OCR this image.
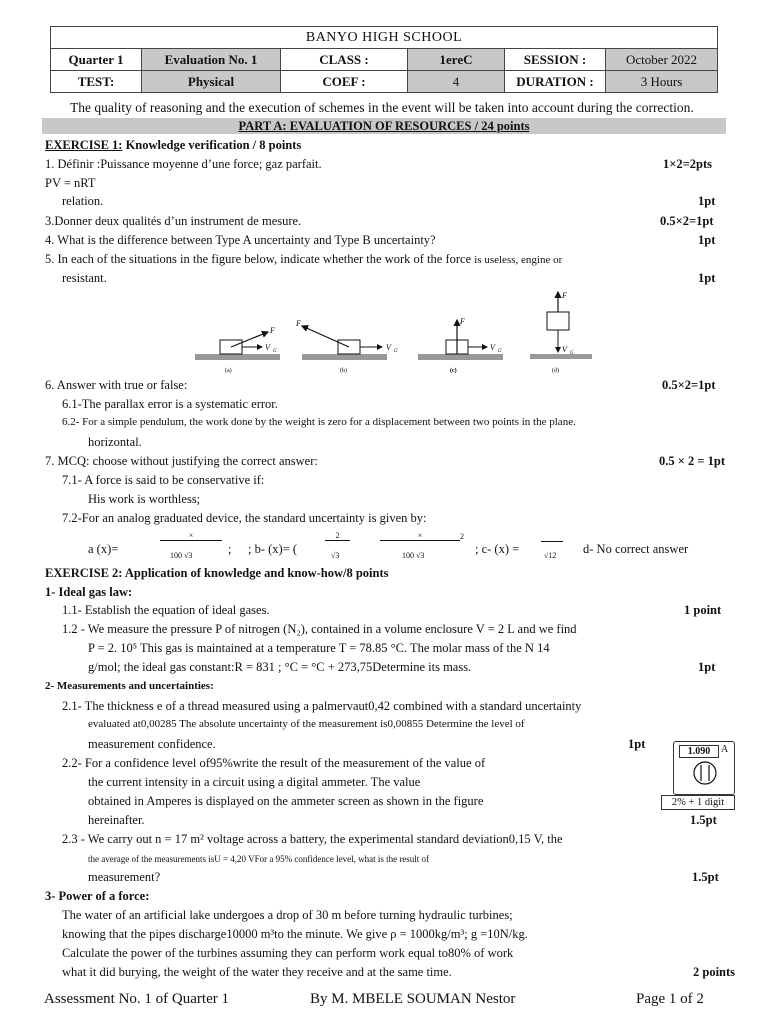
BANYO HIGH SCHOOL					
Quarter 1	Evaluation No. 1	CLASS :	1ereC	SESSION :	October 2022
TEST:	Physical	COEF :	4	DURATION :	3 Hours
The quality of reasoning and the execution of schemes in the event will be taken into account during the correction.
PART A: EVALUATION OF RESOURCES / 24 points
EXERCISE 1: Knowledge verification / 8 points
1. Définir :Puissance moyenne d’une force; gaz parfait.	1×2=2pts
PV = nRT
relation.	1pt
3.Donner deux qualités d’un instrument de mesure.	0.5×2=1pt
4. What is the difference between Type A uncertainty and Type B uncertainty?	1pt
5. In each of the situations in the figure below, indicate whether the work of the force is useless, engine or
resistant.	1pt
F
V G
(a)
F
V G
(b)
F
V G
(c)
F
V G
(d)
6. Answer with true or false:	0.5×2=1pt
6.1-The parallax error is a systematic error.
6.2- For a simple pendulum, the work done by the weight is zero for a displacement between two points in the plane.
horizontal.
7. MCQ: choose without justifying the correct answer:	0.5 × 2 = 1pt
7.1- A force is said to be conservative if:
His work is worthless;
7.2-For an analog graduated device, the standard uncertainty is given by:
a (x)=
×
100 √3	; ; b- (x)= (
2
√3
×
100 √3
2
; c- (x) =	√12 d- No correct answer
EXERCISE 2: Application of knowledge and know-how/8 points
1- Ideal gas law:
1.1- Establish the equation of ideal gases.	1 point
1.2 - We measure the pressure P of nitrogen (N₂), contained in a volume enclosure V = 2 L and we find
P = 2. 10⁵ This gas is maintained at a temperature T = 78.85 °C. The molar mass of the N 14
g/mol; the ideal gas constant:R = 831 ; °C = °C + 273,75Determine its mass.	1pt
2- Measurements and uncertainties:
2.1- The thickness e of a thread measured using a palmervaut0,42 combined with a standard uncertainty
evaluated at0,00285 The absolute uncertainty of the measurement is0,00855 Determine the level of
measurement confidence.	1pt
2.2- For a confidence level of95%write the result of the measurement of the value of
the current intensity in a circuit using a digital ammeter. The value
obtained in Amperes is displayed on the ammeter screen as shown in the figure
hereinafter.	1.5pt
1.090	A
2% + 1 digit
2.3 - We carry out n = 17 m² voltage across a battery, the experimental standard deviation0,15 V, the
the average of the measurements isU = 4,20 VFor a 95% confidence level, what is the result of
measurement?	1.5pt
3- Power of a force:
The water of an artificial lake undergoes a drop of 30 m before turning hydraulic turbines;
knowing that the pipes discharge10000 m³to the minute. We give ρ = 1000kg/m³; g =10N/kg.
Calculate the power of the turbines assuming they can perform work equal to80% of work
what it did burying, the weight of the water they receive and at the same time.	2 points
Assessment No. 1 of Quarter 1	By M. MBELE SOUMAN Nestor	Page 1 of 2
